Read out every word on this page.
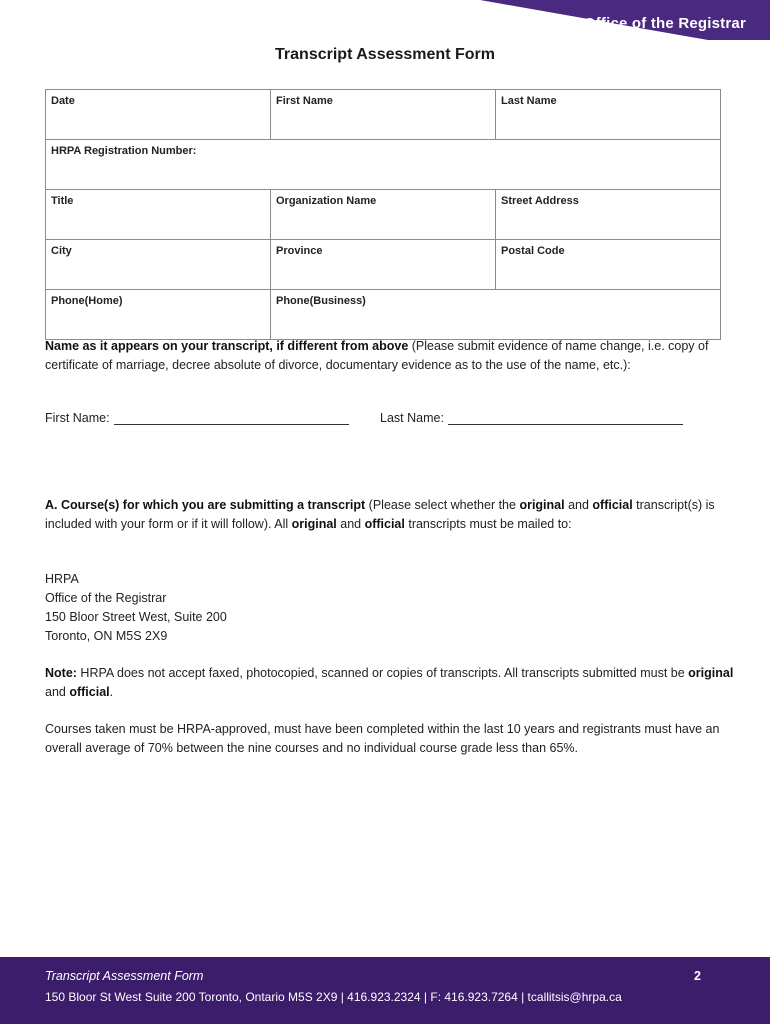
Office of the Registrar
Transcript Assessment Form
Date	First Name	Last Name
HRPA Registration Number:		
Title	Organization Name	Street Address
City	Province	Postal Code
Phone(Home)	Phone(Business)	
Name as it appears on your transcript, if different from above (Please submit evidence of name change, i.e. copy of certificate of marriage, decree absolute of divorce, documentary evidence as to the use of the name, etc.):
First Name:	Last Name:
A. Course(s) for which you are submitting a transcript (Please select whether the original and official transcript(s) is included with your form or if it will follow). All original and official transcripts must be mailed to:
HRPA
Office of the Registrar
150 Bloor Street West, Suite 200
Toronto, ON M5S 2X9
Note: HRPA does not accept faxed, photocopied, scanned or copies of transcripts. All transcripts submitted must be original and official.
Courses taken must be HRPA-approved, must have been completed within the last 10 years and registrants must have an overall average of 70% between the nine courses and no individual course grade less than 65%.
Transcript Assessment Form	2
150 Bloor St West Suite 200 Toronto, Ontario M5S 2X9 | 416.923.2324 | F: 416.923.7264 | tcallitsis@hrpa.ca
